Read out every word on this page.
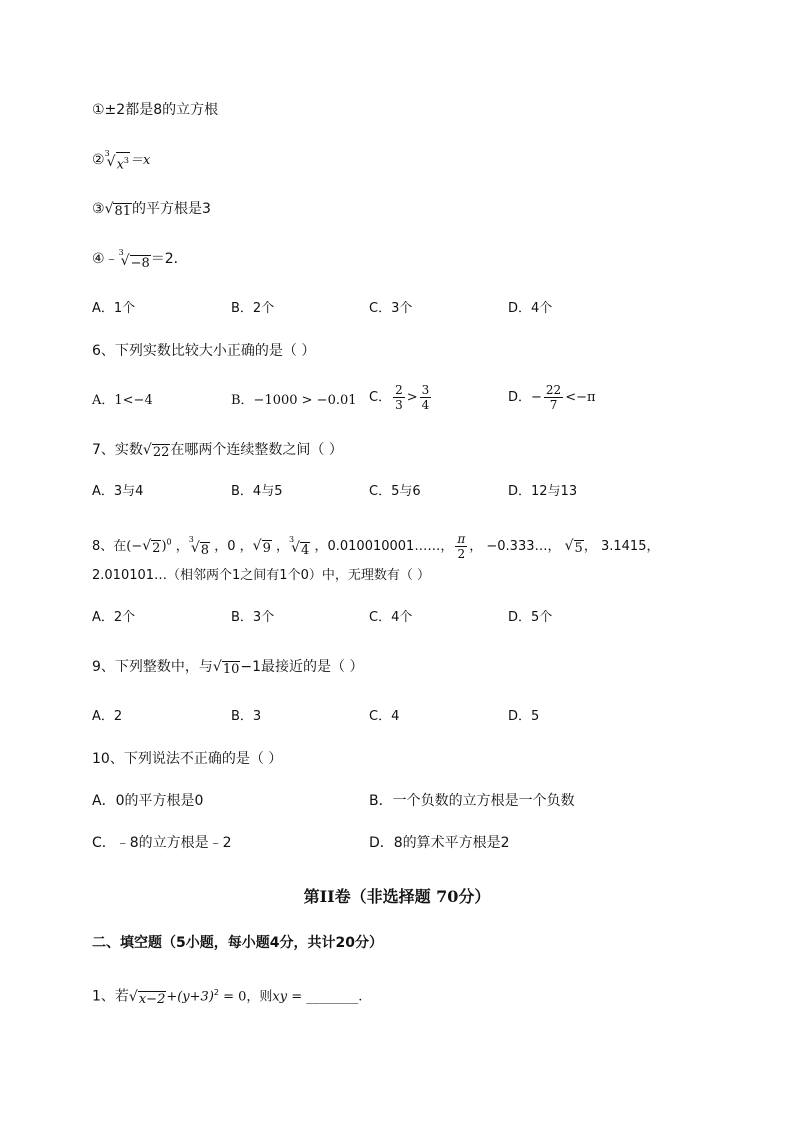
①±2都是8的立方根
② 3
√ $x^3 =x$
③ √ 81 的平方根是3
④﹣ 3
√ −8 ＝2．
A．1个	B．2个	C．3个	D．4个
6、下列实数比较大小正确的是（ ）
A．1<−4	B．−1000 > −0.01 C． $\frac{2}{3} > \frac{3}{4}$	D．− $\frac{22}{7} <-\pi$
7、实数 √ 22 在哪两个连续整数之间（ ）
A．3与4	B．4与5	C．5与6	D．12与13
8、在(− √ 2 )$^0$ ， 3
√ 8 ，0 ， √ 9 ， 3
√ 4 ，0.010010001……， $\frac{\pi}{2}$ ， −0.333…， √ 5 ， 3.1415，
2.010101…（相邻两个1之间有1个0）中，无理数有（ ）
A．2个	B．3个	C．4个	D．5个
9、下列整数中，与 √ 10 −1最接近的是（ ）
A．2	B．3	C．4	D．5
10、下列说法不正确的是（ ）
A．0的平方根是0	B．一个负数的立方根是一个负数
C．﹣8的立方根是﹣2	D．8的算术平方根是2
第II卷（非选择题 70分）
二、填空题（5小题，每小题4分，共计20分）
1、若 √ $x-2 +(y+3)^2 = 0$，则xy = ________.
